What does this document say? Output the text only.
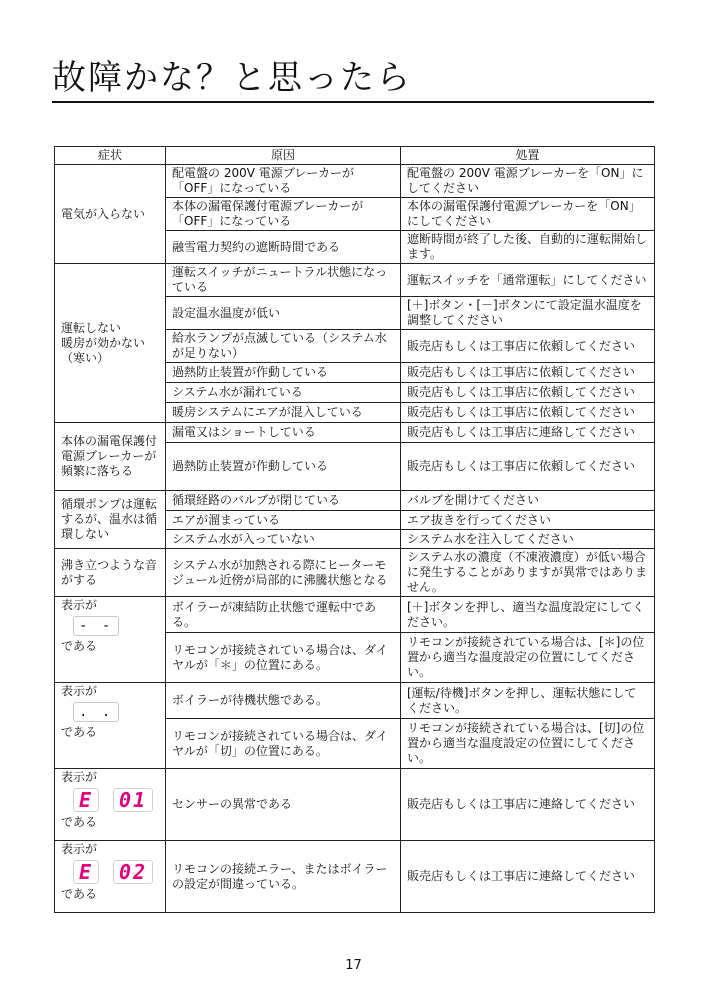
故障かな？と思ったら
症状	原因	処置
電気が入らない	配電盤の 200V 電源ブレーカーが「OFF」になっている	配電盤の 200V 電源ブレーカーを「ON」にしてください
	本体の漏電保護付電源ブレーカーが「OFF」になっている	本体の漏電保護付電源ブレーカーを「ON」にしてください
	融雪電力契約の遮断時間である	遮断時間が終了した後、自動的に運転開始します。
運転しない
暖房が効かない
（寒い）	運転スイッチがニュートラル状態になっている	運転スイッチを「通常運転」にしてください
	設定温水温度が低い	[＋]ボタン・[－]ボタンにて設定温水温度を調整してください
	給水ランプが点滅している（システム水が足りない）	販売店もしくは工事店に依頼してください
	過熱防止装置が作動している	販売店もしくは工事店に依頼してください
	システム水が漏れている	販売店もしくは工事店に依頼してください
	暖房システムにエアが混入している	販売店もしくは工事店に依頼してください
本体の漏電保護付電源ブレーカーが頻繁に落ちる	漏電又はショートしている	販売店もしくは工事店に連絡してください
	過熱防止装置が作動している	販売店もしくは工事店に依頼してください
循環ポンプは運転するが、温水は循環しない	循環経路のバルブが閉じている	バルブを開けてください
	エアが溜まっている	エア抜きを行ってください
	システム水が入っていない	システム水を注入してください
沸き立つような音がする	システム水が加熱される際にヒーターモジュール近傍が局部的に沸騰状態となる	システム水の濃度（不凍液濃度）が低い場合に発生することがありますが異常ではありません。

表示が
- -
である	ボイラーが凍結防止状態で運転中である。	[＋]ボタンを押し、適当な温度設定にしてください。
	リモコンが接続されている場合は、ダイヤルが「＊」の位置にある。	リモコンが接続されている場合は、[＊]の位置から適当な温度設定の位置にしてください。

表示が
. .
である	ボイラーが待機状態である。	[運転/待機]ボタンを押し、運転状態にしてください。
	リモコンが接続されている場合は、ダイヤルが「切」の位置にある。	リモコンが接続されている場合は、[切]の位置から適当な温度設定の位置にしてください。

表示が
E 01
である	センサーの異常である	販売店もしくは工事店に連絡してください

表示が
E 02
である	リモコンの接続エラー、またはボイラーの設定が間違っている。	販売店もしくは工事店に連絡してください
17
